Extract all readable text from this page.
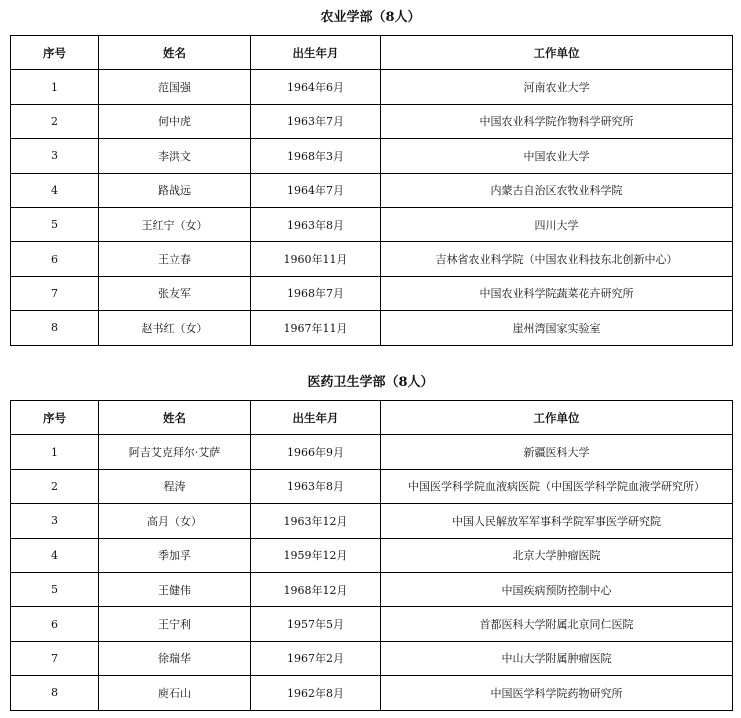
农业学部（8人）
序号	姓名	出生年月	工作单位
1	范国强	1964年6月	河南农业大学
2	何中虎	1963年7月	中国农业科学院作物科学研究所
3	李洪文	1968年3月	中国农业大学
4	路战远	1964年7月	内蒙古自治区农牧业科学院
5	王红宁（女）	1963年8月	四川大学
6	王立春	1960年11月	吉林省农业科学院（中国农业科技东北创新中心）
7	张友军	1968年7月	中国农业科学院蔬菜花卉研究所
8	赵书红（女）	1967年11月	崖州湾国家实验室
医药卫生学部（8人）
序号	姓名	出生年月	工作单位
1	阿吉艾克拜尔·艾萨	1966年9月	新疆医科大学
2	程涛	1963年8月	中国医学科学院血液病医院（中国医学科学院血液学研究所）
3	高月（女）	1963年12月	中国人民解放军军事科学院军事医学研究院
4	季加孚	1959年12月	北京大学肿瘤医院
5	王健伟	1968年12月	中国疾病预防控制中心
6	王宁利	1957年5月	首都医科大学附属北京同仁医院
7	徐瑞华	1967年2月	中山大学附属肿瘤医院
8	庾石山	1962年8月	中国医学科学院药物研究所
